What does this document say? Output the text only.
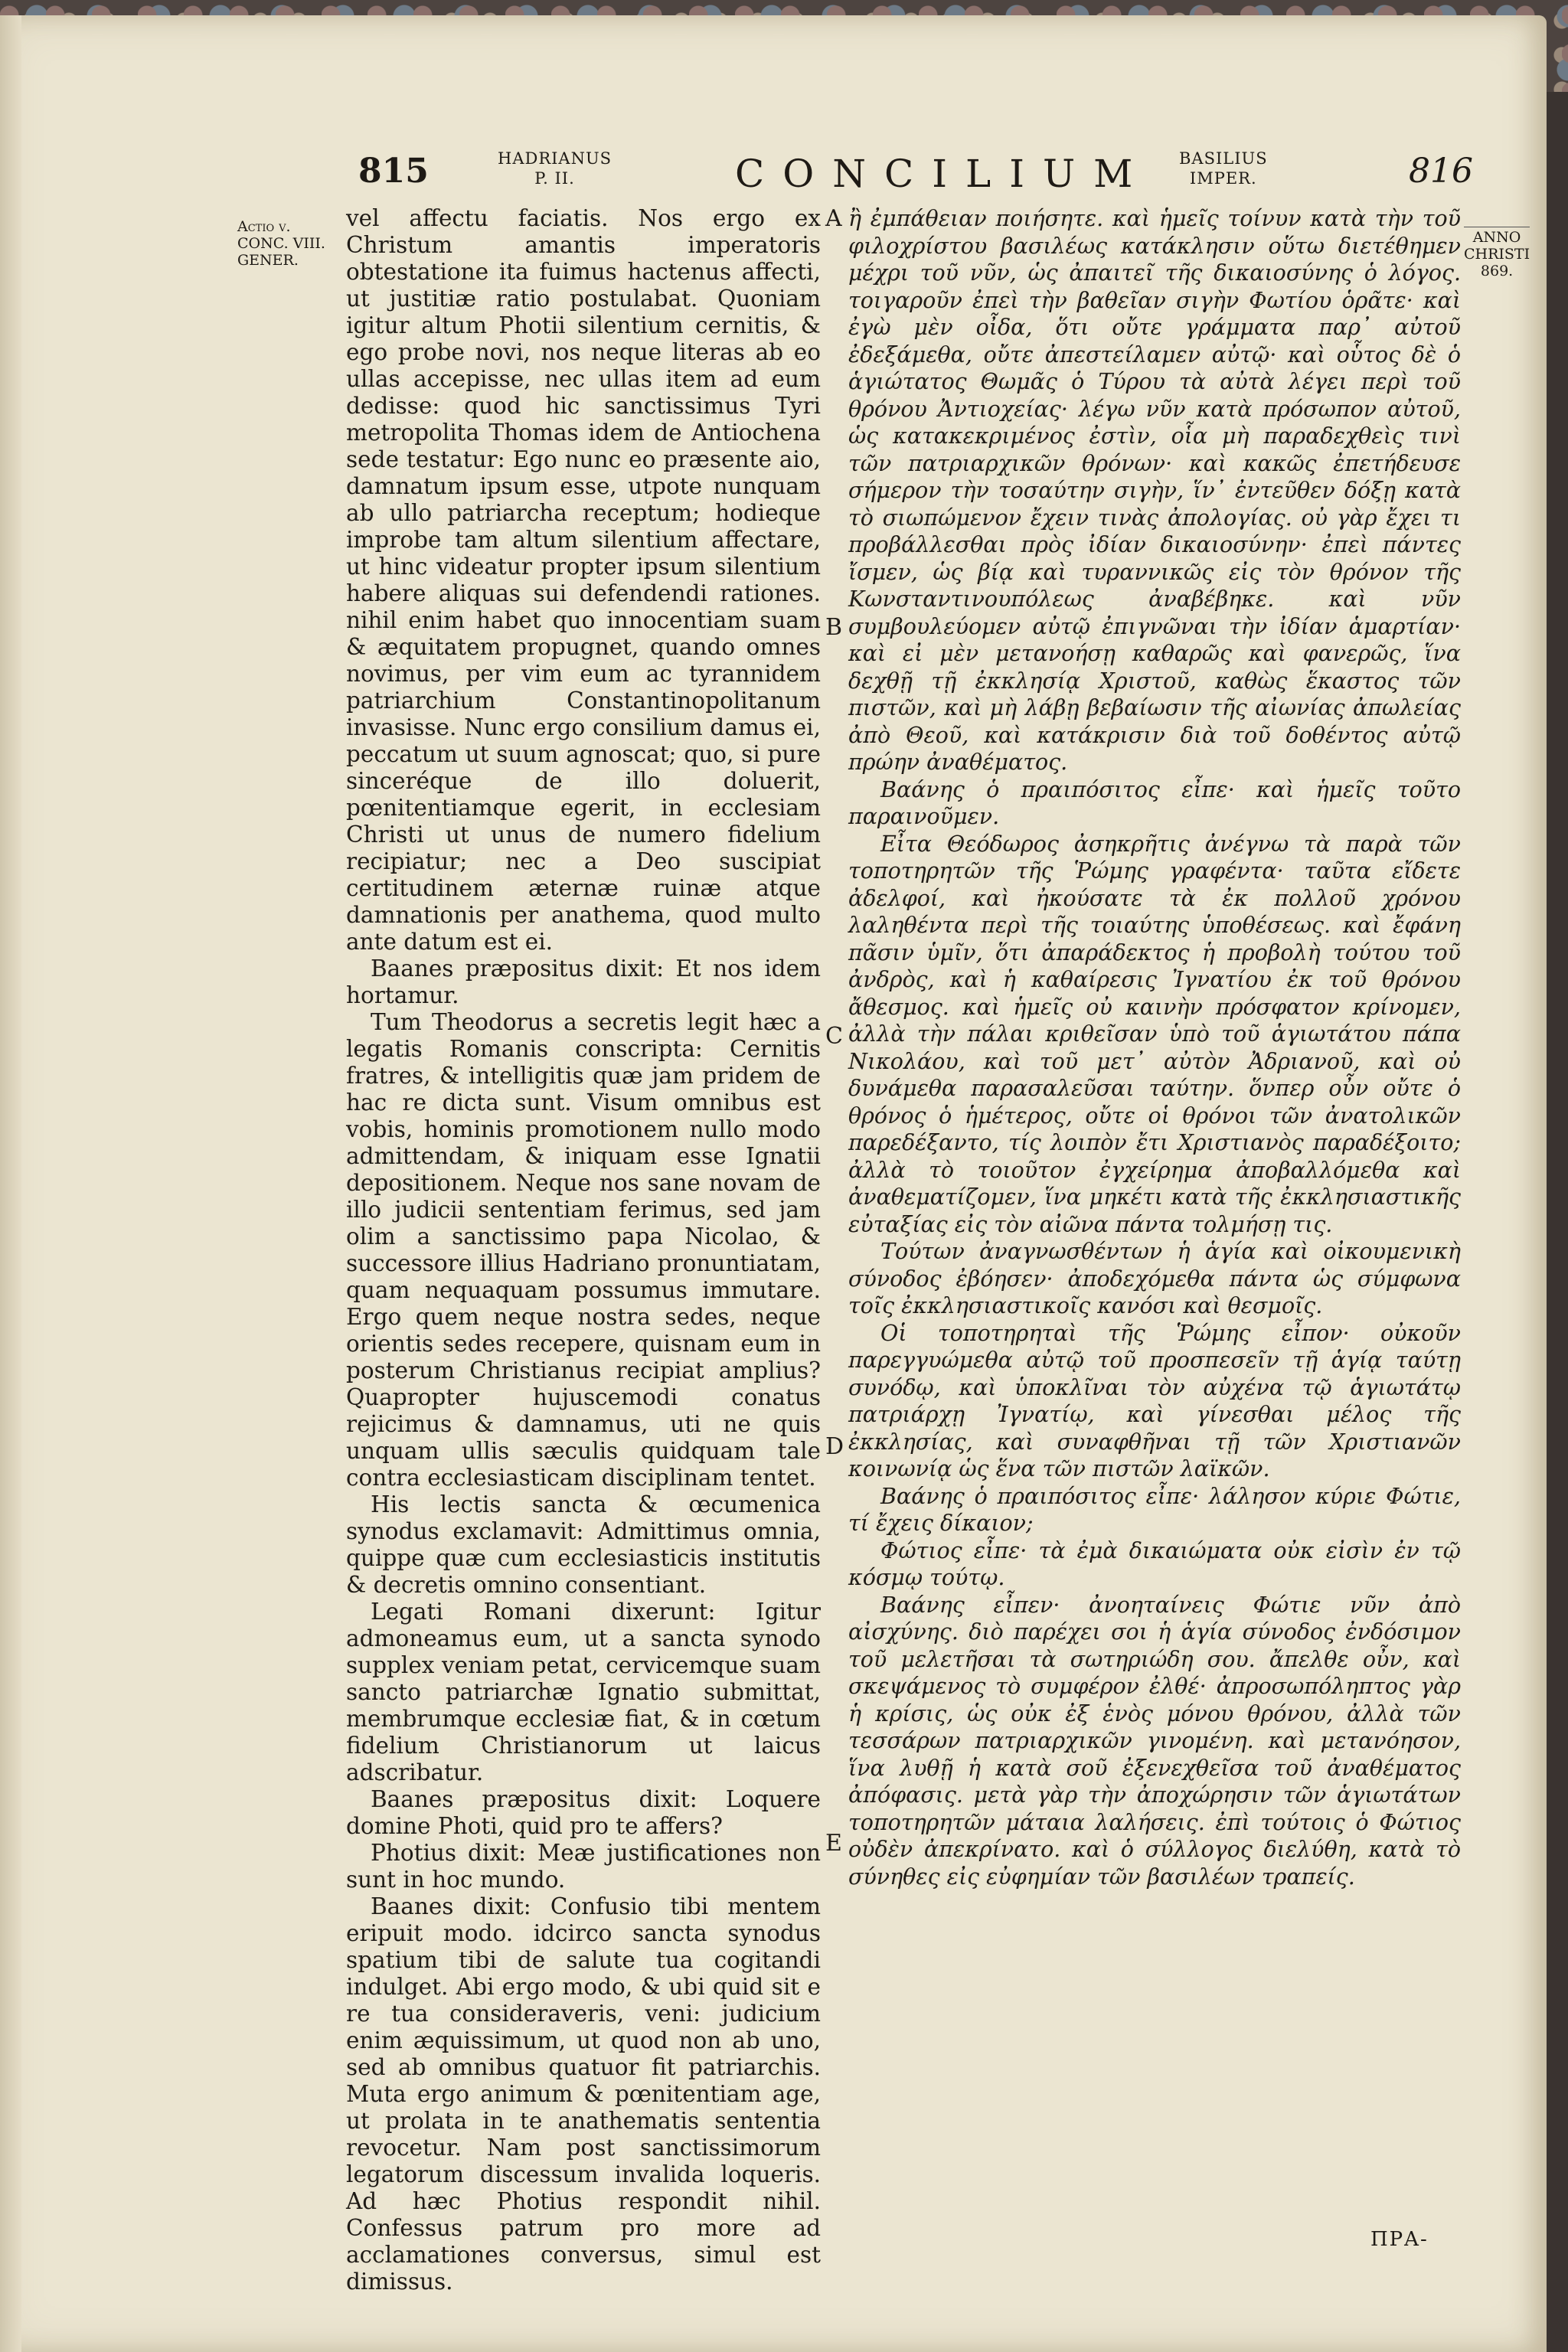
815	HADRIANUS
P. II.	CONCILIUM BASILIUS
IMPER.	816
Actio v.
CONC. VIII.
GENER.
ANNO
CHRISTI
869.

vel affectu faciatis. Nos ergo ex Christum amantis imperatoris obtestatione ita fuimus hactenus affecti, ut justitiæ ratio postulabat. Quoniam igitur altum Photii silentium cernitis, & ego probe novi, nos neque literas ab eo ullas accepisse, nec ullas item ad eum dedisse: quod hic sanctissimus Tyri metropolita Thomas idem de Antiochena sede testatur: Ego nunc eo præsente aio, damnatum ipsum esse, utpote nunquam ab ullo patriarcha receptum; hodieque improbe tam altum silentium affectare, ut hinc videatur propter ipsum silentium habere aliquas sui defendendi rationes. nihil enim habet quo innocentiam suam & æquitatem propugnet, quando omnes novimus, per vim eum ac tyrannidem patriarchium Constantinopolitanum invasisse. Nunc ergo consilium damus ei, peccatum ut suum agnoscat; quo, si pure sinceréque de illo doluerit, pœnitentiamque egerit, in ecclesiam Christi ut unus de numero fidelium recipiatur; nec a Deo suscipiat certitudinem æternæ ruinæ atque damnationis per anathema, quod multo ante datum est ei.

Baanes præpositus dixit: Et nos idem hortamur.

Tum Theodorus a secretis legit hæc a legatis Romanis conscripta: Cernitis fratres, & intelligitis quæ jam pridem de hac re dicta sunt. Visum omnibus est vobis, hominis promotionem nullo modo admittendam, & iniquam esse Ignatii depositionem. Neque nos sane novam de illo judicii sententiam ferimus, sed jam olim a sanctissimo papa Nicolao, & successore illius Hadriano pronuntiatam, quam nequaquam possumus immutare. Ergo quem neque nostra sedes, neque orientis sedes recepere, quisnam eum in posterum Christianus recipiat amplius? Quapropter hujuscemodi conatus rejicimus & damnamus, uti ne quis unquam ullis sæculis quidquam tale contra ecclesiasticam disciplinam tentet.

His lectis sancta & œcumenica synodus exclamavit: Admittimus omnia, quippe quæ cum ecclesiasticis institutis & decretis omnino consentiant.

Legati Romani dixerunt: Igitur admoneamus eum, ut a sancta synodo supplex veniam petat, cervicemque suam sancto patriarchæ Ignatio submittat, membrumque ecclesiæ fiat, & in cœtum fidelium Christianorum ut laicus adscribatur.

Baanes præpositus dixit: Loquere domine Photi, quid pro te affers?

Photius dixit: Meæ justificationes non sunt in hoc mundo.

Baanes dixit: Confusio tibi mentem eripuit modo. idcirco sancta synodus spatium tibi de salute tua cogitandi indulget. Abi ergo modo, & ubi quid sit e re tua consideraveris, veni: judicium enim æquissimum, ut quod non ab uno, sed ab omnibus quatuor fit patriarchis. Muta ergo animum & pœnitentiam age, ut prolata in te anathematis sententia revocetur. Nam post sanctissimorum legatorum discessum invalida loqueris. Ad hæc Photius respondit nihil. Confessus patrum pro more ad acclamationes conversus, simul est dimissus.

A
B
C
D
E

ἢ ἐμπάθειαν ποιήσητε. καὶ ἡμεῖς τοίνυν κατὰ τὴν τοῦ φιλοχρίστου βασιλέως κατάκλησιν οὕτω διετέθημεν μέχρι τοῦ νῦν, ὡς ἀπαιτεῖ τῆς δικαιοσύνης ὁ λόγος. τοιγαροῦν ἐπεὶ τὴν βαθεῖαν σιγὴν Φωτίου ὁρᾶτε· καὶ ἐγὼ μὲν οἶδα, ὅτι οὔτε γράμματα παρ᾽ αὐτοῦ ἐδεξάμεθα, οὔτε ἀπεστείλαμεν αὐτῷ· καὶ οὗτος δὲ ὁ ἁγιώτατος Θωμᾶς ὁ Τύρου τὰ αὐτὰ λέγει περὶ τοῦ θρόνου Ἀντιοχείας· λέγω νῦν κατὰ πρόσωπον αὐτοῦ, ὡς κατακεκριμένος ἐστὶν, οἷα μὴ παραδεχθεὶς τινὶ τῶν πατριαρχικῶν θρόνων· καὶ κακῶς ἐπετήδευσε σήμερον τὴν τοσαύτην σιγὴν, ἵν᾽ ἐντεῦθεν δόξῃ κατὰ τὸ σιωπώμενον ἔχειν τινὰς ἀπολογίας. οὐ γὰρ ἔχει τι προβάλλεσθαι πρὸς ἰδίαν δικαιοσύνην· ἐπεὶ πάντες ἴσμεν, ὡς βίᾳ καὶ τυραννικῶς εἰς τὸν θρόνον τῆς Κωνσταντινουπόλεως ἀναβέβηκε. καὶ νῦν συμβουλεύομεν αὐτῷ ἐπιγνῶναι τὴν ἰδίαν ἁμαρτίαν· καὶ εἰ μὲν μετανοήσῃ καθαρῶς καὶ φανερῶς, ἵνα δεχθῇ τῇ ἐκκλησίᾳ Χριστοῦ, καθὼς ἕκαστος τῶν πιστῶν, καὶ μὴ λάβῃ βεβαίωσιν τῆς αἰωνίας ἀπωλείας ἀπὸ Θεοῦ, καὶ κατάκρισιν διὰ τοῦ δοθέντος αὐτῷ πρώην ἀναθέματος.

Βαάνης ὁ πραιπόσιτος εἶπε· καὶ ἡμεῖς τοῦτο παραινοῦμεν.

Εἶτα Θεόδωρος ἀσηκρῆτις ἀνέγνω τὰ παρὰ τῶν τοποτηρητῶν τῆς Ῥώμης γραφέντα· ταῦτα εἴδετε ἀδελφοί, καὶ ἠκούσατε τὰ ἐκ πολλοῦ χρόνου λαληθέντα περὶ τῆς τοιαύτης ὑποθέσεως. καὶ ἔφάνη πᾶσιν ὑμῖν, ὅτι ἀπαράδεκτος ἡ προβολὴ τούτου τοῦ ἀνδρὸς, καὶ ἡ καθαίρεσις Ἰγνατίου ἐκ τοῦ θρόνου ἄθεσμος. καὶ ἡμεῖς οὐ καινὴν πρόσφατον κρίνομεν, ἀλλὰ τὴν πάλαι κριθεῖσαν ὑπὸ τοῦ ἁγιωτάτου πάπα Νικολάου, καὶ τοῦ μετ᾽ αὐτὸν Ἀδριανοῦ, καὶ οὐ δυνάμεθα παρασαλεῦσαι ταύτην. ὅνπερ οὖν οὔτε ὁ θρόνος ὁ ἡμέτερος, οὔτε οἱ θρόνοι τῶν ἀνατολικῶν παρεδέξαντο, τίς λοιπὸν ἔτι Χριστιανὸς παραδέξοιτο; ἀλλὰ τὸ τοιοῦτον ἐγχείρημα ἀποβαλλόμεθα καὶ ἀναθεματίζομεν, ἵνα μηκέτι κατὰ τῆς ἐκκλησιαστικῆς εὐταξίας εἰς τὸν αἰῶνα πάντα τολμήσῃ τις.

Τούτων ἀναγνωσθέντων ἡ ἁγία καὶ οἰκουμενικὴ σύνοδος ἐβόησεν· ἀποδεχόμεθα πάντα ὡς σύμφωνα τοῖς ἐκκλησιαστικοῖς κανόσι καὶ θεσμοῖς.

Οἱ τοποτηρηταὶ τῆς Ῥώμης εἶπον· οὐκοῦν παρεγγυώμεθα αὐτῷ τοῦ προσπεσεῖν τῇ ἁγίᾳ ταύτῃ συνόδῳ, καὶ ὑποκλῖναι τὸν αὐχένα τῷ ἁγιωτάτῳ πατριάρχῃ Ἰγνατίῳ, καὶ γίνεσθαι μέλος τῆς ἐκκλησίας, καὶ συναφθῆναι τῇ τῶν Χριστιανῶν κοινωνίᾳ ὡς ἕνα τῶν πιστῶν λαϊκῶν.

Βαάνης ὁ πραιπόσιτος εἶπε· λάλησον κύριε Φώτιε, τί ἔχεις δίκαιον;

Φώτιος εἶπε· τὰ ἐμὰ δικαιώματα οὐκ εἰσὶν ἐν τῷ κόσμῳ τούτῳ.

Βαάνης εἶπεν· ἀνοηταίνεις Φώτιε νῦν ἀπὸ αἰσχύνης. διὸ παρέχει σοι ἡ ἁγία σύνοδος ἐνδόσιμον τοῦ μελετῆσαι τὰ σωτηριώδη σου. ἄπελθε οὖν, καὶ σκεψάμενος τὸ συμφέρον ἐλθέ· ἀπροσωπόληπτος γὰρ ἡ κρίσις, ὡς οὐκ ἐξ ἑνὸς μόνου θρόνου, ἀλλὰ τῶν τεσσάρων πατριαρχικῶν γινομένη. καὶ μετανόησον, ἵνα λυθῇ ἡ κατὰ σοῦ ἐξενεχθεῖσα τοῦ ἀναθέματος ἀπόφασις. μετὰ γὰρ τὴν ἀποχώρησιν τῶν ἁγιωτάτων τοποτηρητῶν μάταια λαλήσεις. ἐπὶ τούτοις ὁ Φώτιος οὐδὲν ἀπεκρίνατο. καὶ ὁ σύλλογος διελύθη, κατὰ τὸ σύνηθες εἰς εὐφημίαν τῶν βασιλέων τραπείς.

ΠΡΑ-
